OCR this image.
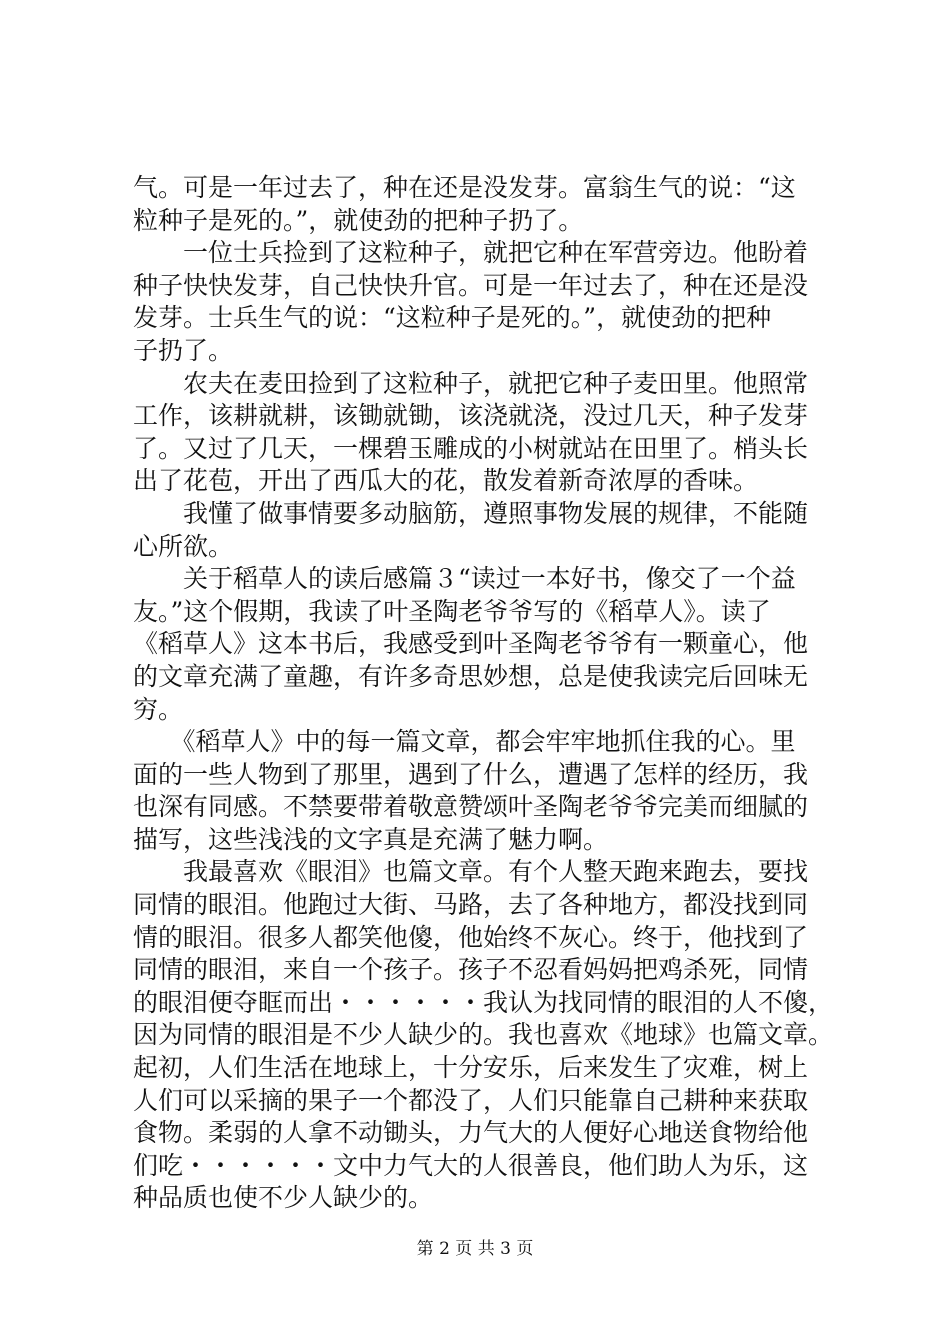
气。可是一年过去了，种在还是没发芽。富翁生气的说：“这
粒种子是死的。”，就使劲的把种子扔了。
　　一位士兵捡到了这粒种子，就把它种在军营旁边。他盼着
种子快快发芽，自己快快升官。可是一年过去了，种在还是没
发芽。士兵生气的说：“这粒种子是死的。”，就使劲的把种
子扔了。
　　农夫在麦田捡到了这粒种子，就把它种子麦田里。他照常
工作，该耕就耕，该锄就锄，该浇就浇，没过几天，种子发芽
了。又过了几天，一棵碧玉雕成的小树就站在田里了。梢头长
出了花苞，开出了西瓜大的花，散发着新奇浓厚的香味。
　　我懂了做事情要多动脑筋，遵照事物发展的规律，不能随
心所欲。
　　关于稻草人的读后感篇３“读过一本好书，像交了一个益
友。”这个假期，我读了叶圣陶老爷爷写的《稻草人》。读了
《稻草人》这本书后，我感受到叶圣陶老爷爷有一颗童心，他
的文章充满了童趣，有许多奇思妙想，总是使我读完后回味无
穷。
　　《稻草人》中的每一篇文章，都会牢牢地抓住我的心。里
面的一些人物到了那里，遇到了什么，遭遇了怎样的经历，我
也深有同感。不禁要带着敬意赞颂叶圣陶老爷爷完美而细腻的
描写，这些浅浅的文字真是充满了魅力啊。
　　我最喜欢《眼泪》也篇文章。有个人整天跑来跑去，要找
同情的眼泪。他跑过大街、马路，去了各种地方，都没找到同
情的眼泪。很多人都笑他傻，他始终不灰心。终于，他找到了
同情的眼泪，来自一个孩子。孩子不忍看妈妈把鸡杀死，同情
的眼泪便夺眶而出・・・・・・我认为找同情的眼泪的人不傻，
因为同情的眼泪是不少人缺少的。我也喜欢《地球》也篇文章。
起初，人们生活在地球上，十分安乐，后来发生了灾难，树上
人们可以采摘的果子一个都没了，人们只能靠自己耕种来获取
食物。柔弱的人拿不动锄头，力气大的人便好心地送食物给他
们吃・・・・・・文中力气大的人很善良，他们助人为乐，这
种品质也使不少人缺少的。
第 2 页 共 3 页
